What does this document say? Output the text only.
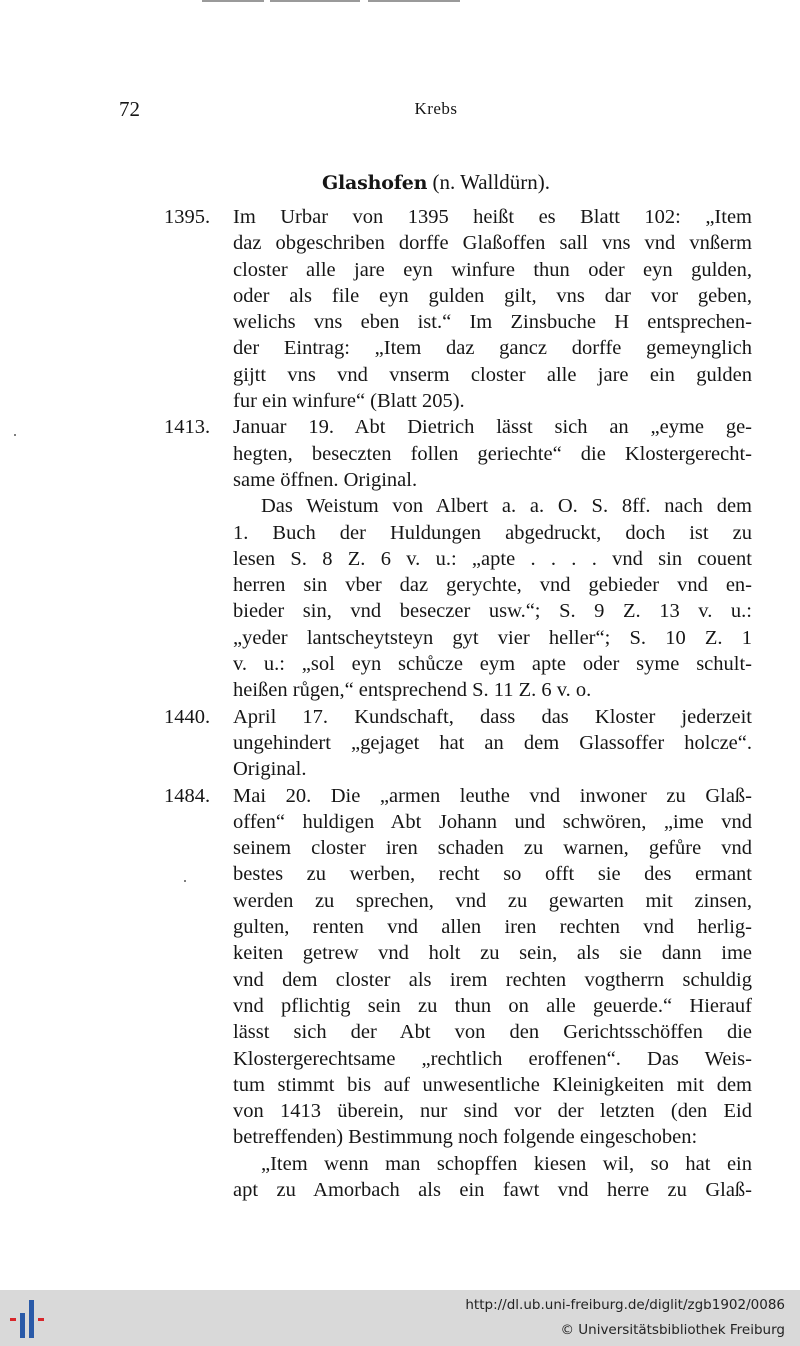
72	Krebs
Glashofen (n. Walldürn).
1395.	Im Urbar von 1395 heißt es Blatt 102: „Item
daz obgeschriben dorffe Glaßoffen sall vns vnd vnßerm
closter alle jare eyn winfure thun oder eyn gulden,
oder als file eyn gulden gilt, vns dar vor geben,
welichs vns eben ist.“ Im Zinsbuche H entsprechen-
der Eintrag: „Item daz gancz dorffe gemeynglich
gijtt vns vnd vnserm closter alle jare ein gulden
fur ein winfure“ (Blatt 205).
1413.	Januar 19. Abt Dietrich lässt sich an „eyme ge-
hegten, beseczten follen geriechte“ die Klostergerecht-
same öffnen. Original.
Das Weistum von Albert a. a. O. S. 8ff. nach dem
1. Buch der Huldungen abgedruckt, doch ist zu
lesen S. 8 Z. 6 v. u.: „apte . . . . vnd sin couent
herren sin vber daz gerychte, vnd gebieder vnd en-
bieder sin, vnd beseczer usw.“; S. 9 Z. 13 v. u.:
„yeder lantscheytsteyn gyt vier heller“; S. 10 Z. 1
v. u.: „sol eyn schůcze eym apte oder syme schult-
heißen růgen,“ entsprechend S. 11 Z. 6 v. o.
1440.	April 17. Kundschaft, dass das Kloster jederzeit
ungehindert „gejaget hat an dem Glassoffer holcze“.
Original.
1484.	Mai 20. Die „armen leuthe vnd inwoner zu Glaß-
offen“ huldigen Abt Johann und schwören, „ime vnd
seinem closter iren schaden zu warnen, gefůre vnd
bestes zu werben, recht so offt sie des ermant
werden zu sprechen, vnd zu gewarten mit zinsen,
gulten, renten vnd allen iren rechten vnd herlig-
keiten getrew vnd holt zu sein, als sie dann ime
vnd dem closter als irem rechten vogtherrn schuldig
vnd pflichtig sein zu thun on alle geuerde.“ Hierauf
lässt sich der Abt von den Gerichtsschöffen die
Klostergerechtsame „rechtlich eroffenen“. Das Weis-
tum stimmt bis auf unwesentliche Kleinigkeiten mit dem
von 1413 überein, nur sind vor der letzten (den Eid
betreffenden) Bestimmung noch folgende eingeschoben:
„Item wenn man schopffen kiesen wil, so hat ein
apt zu Amorbach als ein fawt vnd herre zu Glaß-
http://dl.ub.uni-freiburg.de/diglit/zgb1902/0086
© Universitätsbibliothek Freiburg
